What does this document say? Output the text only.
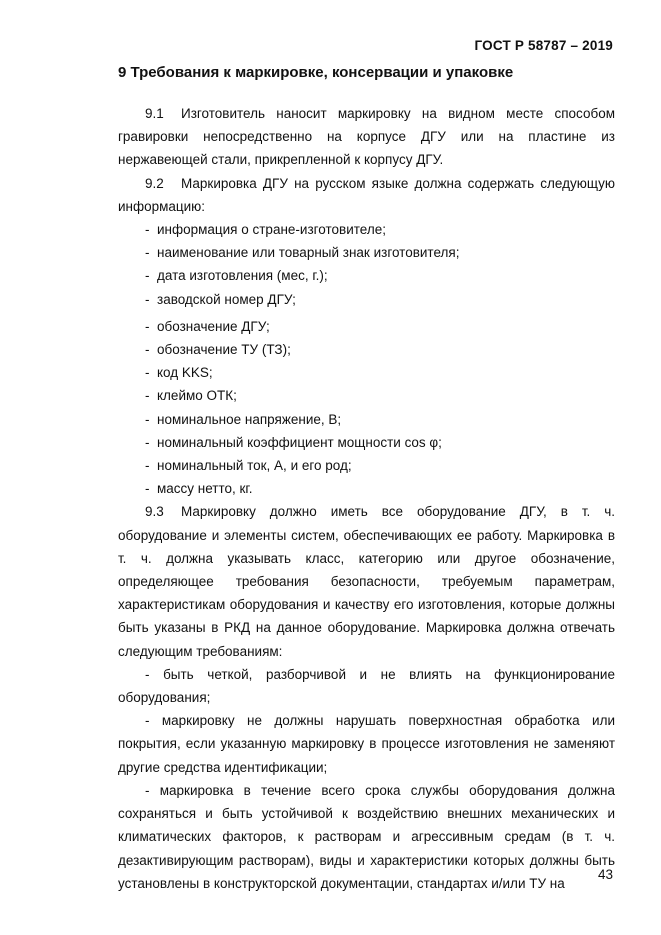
ГОСТ Р 58787 – 2019
9 Требования к маркировке, консервации и упаковке

9.1 Изготовитель наносит маркировку на видном месте способом гравировки непосредственно на корпусе ДГУ или на пластине из нержавеющей стали, прикрепленной к корпусу ДГУ.

9.2 Маркировка ДГУ на русском языке должна содержать следующую информацию:

- информация о стране-изготовителе;
- наименование или товарный знак изготовителя;
- дата изготовления (мес, г.);
- заводской номер ДГУ;
- обозначение ДГУ;
- обозначение ТУ (ТЗ);
- код KKS;
- клеймо ОТК;
- номинальное напряжение, В;
- номинальный коэффициент мощности cos φ;
- номинальный ток, А, и его род;
- массу нетто, кг.

9.3 Маркировку должно иметь все оборудование ДГУ, в т. ч. оборудование и элементы систем, обеспечивающих ее работу. Маркировка в т. ч. должна указывать класс, категорию или другое обозначение, определяющее требования безопасности, требуемым параметрам, характеристикам оборудования и качеству его изготовления, которые должны быть указаны в РКД на данное оборудование. Маркировка должна отвечать следующим требованиям:

- быть четкой, разборчивой и не влиять на функционирование оборудования;

- маркировку не должны нарушать поверхностная обработка или покрытия, если указанную маркировку в процессе изготовления не заменяют другие средства идентификации;

- маркировка в течение всего срока службы оборудования должна сохраняться и быть устойчивой к воздействию внешних механических и климатических факторов, к растворам и агрессивным средам (в т. ч. дезактивирующим растворам), виды и характеристики которых должны быть установлены в конструкторской документации, стандартах и/или ТУ на

43
